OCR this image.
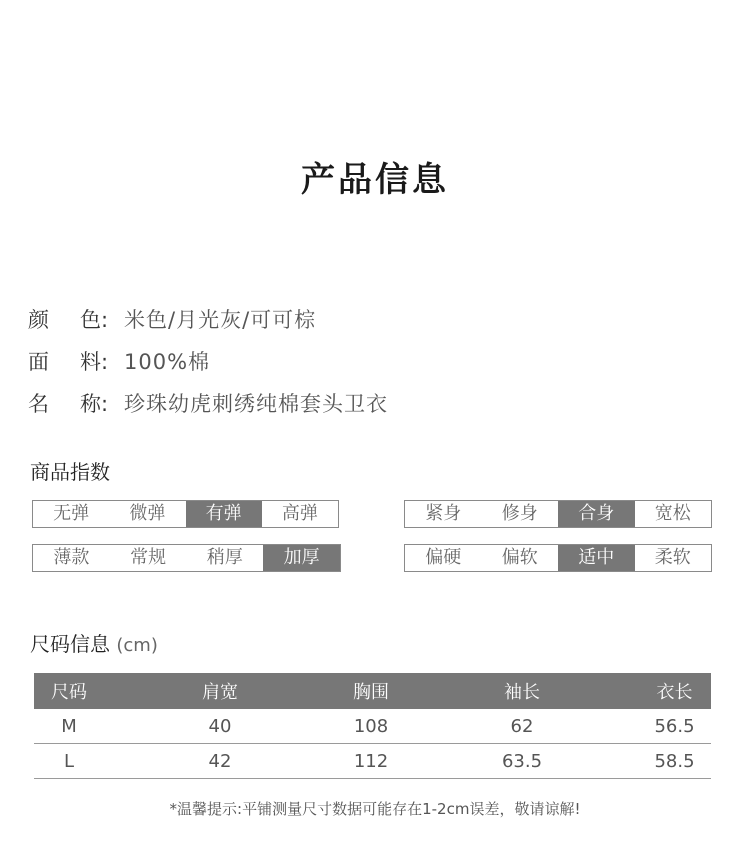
产品信息
颜 色: 米色/月光灰/可可棕
面 料: 100%棉
名 称: 珍珠幼虎刺绣纯棉套头卫衣
商品指数
无弹	微弹	有弹	高弹	紧身	修身	合身	宽松
薄款	常规	稍厚	加厚	偏硬	偏软	适中	柔软
尺码信息 (cm)
尺码	肩宽	胸围	袖长	衣长
M	40	108	62	56.5
L	42	112	63.5	58.5
*温馨提示:平铺测量尺寸数据可能存在1-2cm误差，敬请谅解!
